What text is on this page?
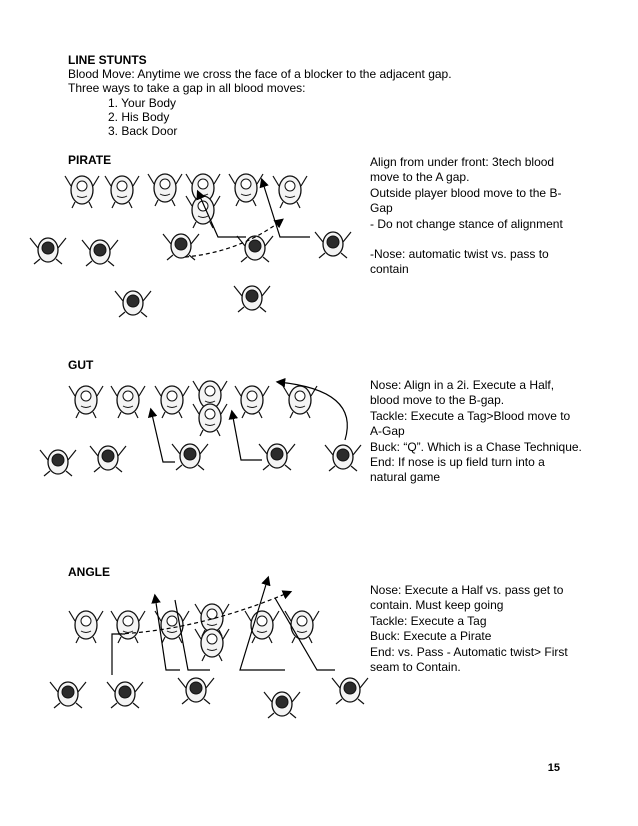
LINE STUNTS
Blood Move: Anytime we cross the face of a blocker to the adjacent gap.
Three ways to take a gap in all blood moves:
1. Your Body
2. His Body
3. Back Door
PIRATE
GUT
ANGLE
Align from under front: 3tech blood move to the A gap.
Outside player blood move to the B-Gap
- Do not change stance of alignment
-Nose: automatic twist vs. pass to contain
Nose: Align in a 2i. Execute a Half, blood move to the B-gap.
Tackle: Execute a Tag>Blood move to A-Gap
Buck: “Q”. Which is a Chase Technique.
End: If nose is up field turn into a natural game
Nose: Execute a Half vs. pass get to contain. Must keep going
Tackle: Execute a Tag
Buck: Execute a Pirate
End: vs. Pass - Automatic twist> First seam to Contain.
15
